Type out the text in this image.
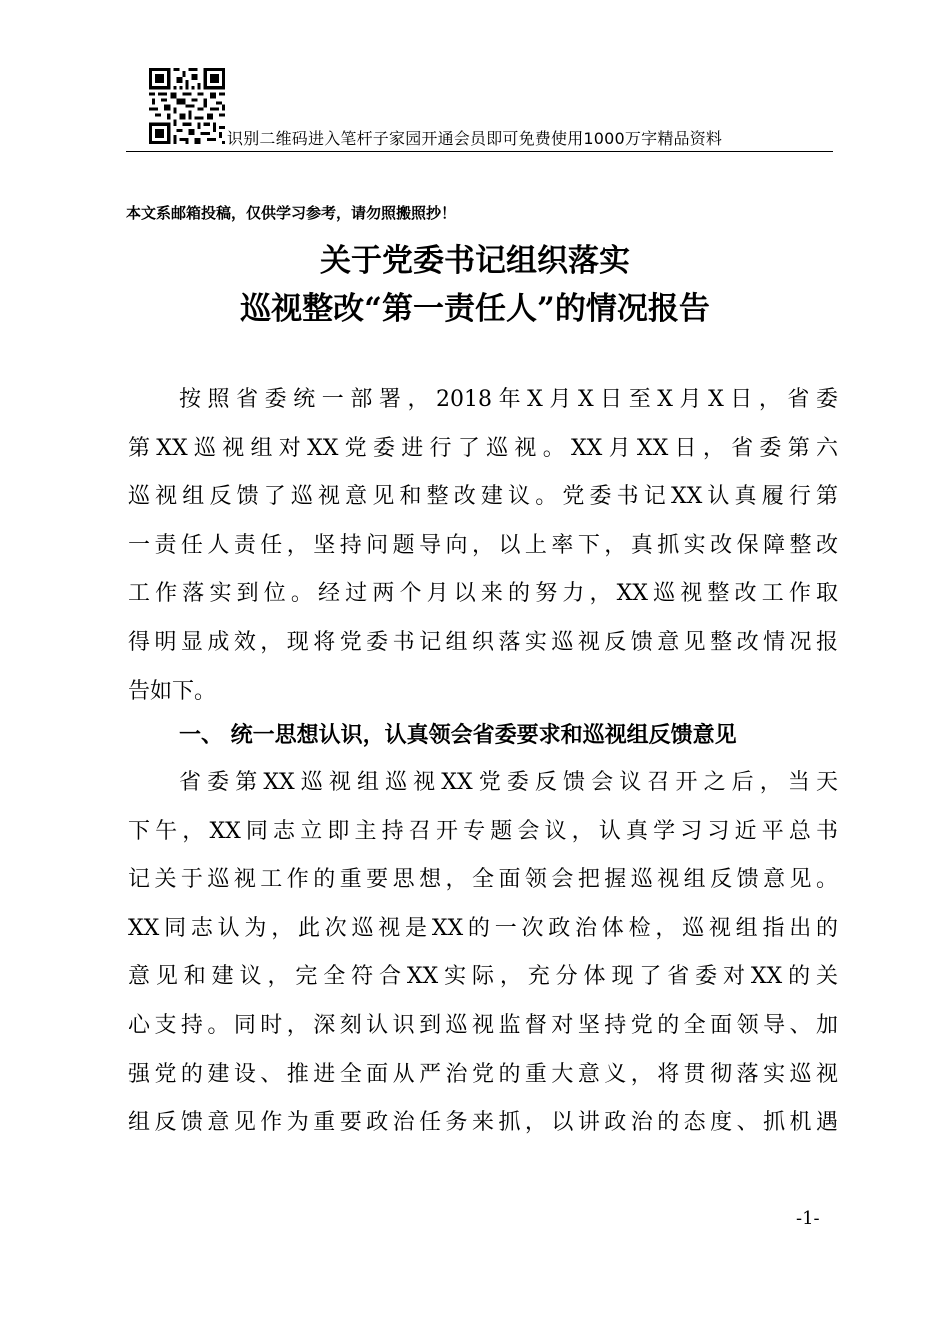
识别二维码进入笔杆子家园开通会员即可免费使用1000万字精品资料
本文系邮箱投稿，仅供学习参考，请勿照搬照抄！
关于党委书记组织落实
巡视整改“第一责任人”的情况报告
按照省委统一部署，2018年X月X日至X月X日，省委
第XX巡视组对XX党委进行了巡视。XX月XX日，省委第六
巡视组反馈了巡视意见和整改建议。党委书记XX认真履行第
一责任人责任，坚持问题导向，以上率下，真抓实改保障整改
工作落实到位。经过两个月以来的努力，XX巡视整改工作取
得明显成效，现将党委书记组织落实巡视反馈意见整改情况报
告如下。
一、 统一思想认识，认真领会省委要求和巡视组反馈意见
省委第XX巡视组巡视XX党委反馈会议召开之后，当天
下午，XX同志立即主持召开专题会议，认真学习习近平总书
记关于巡视工作的重要思想，全面领会把握巡视组反馈意见。
XX同志认为，此次巡视是XX的一次政治体检，巡视组指出的
意见和建议，完全符合XX实际，充分体现了省委对XX的关
心支持。同时，深刻认识到巡视监督对坚持党的全面领导、加
强党的建设、推进全面从严治党的重大意义，将贯彻落实巡视
组反馈意见作为重要政治任务来抓，以讲政治的态度、抓机遇
-1-
